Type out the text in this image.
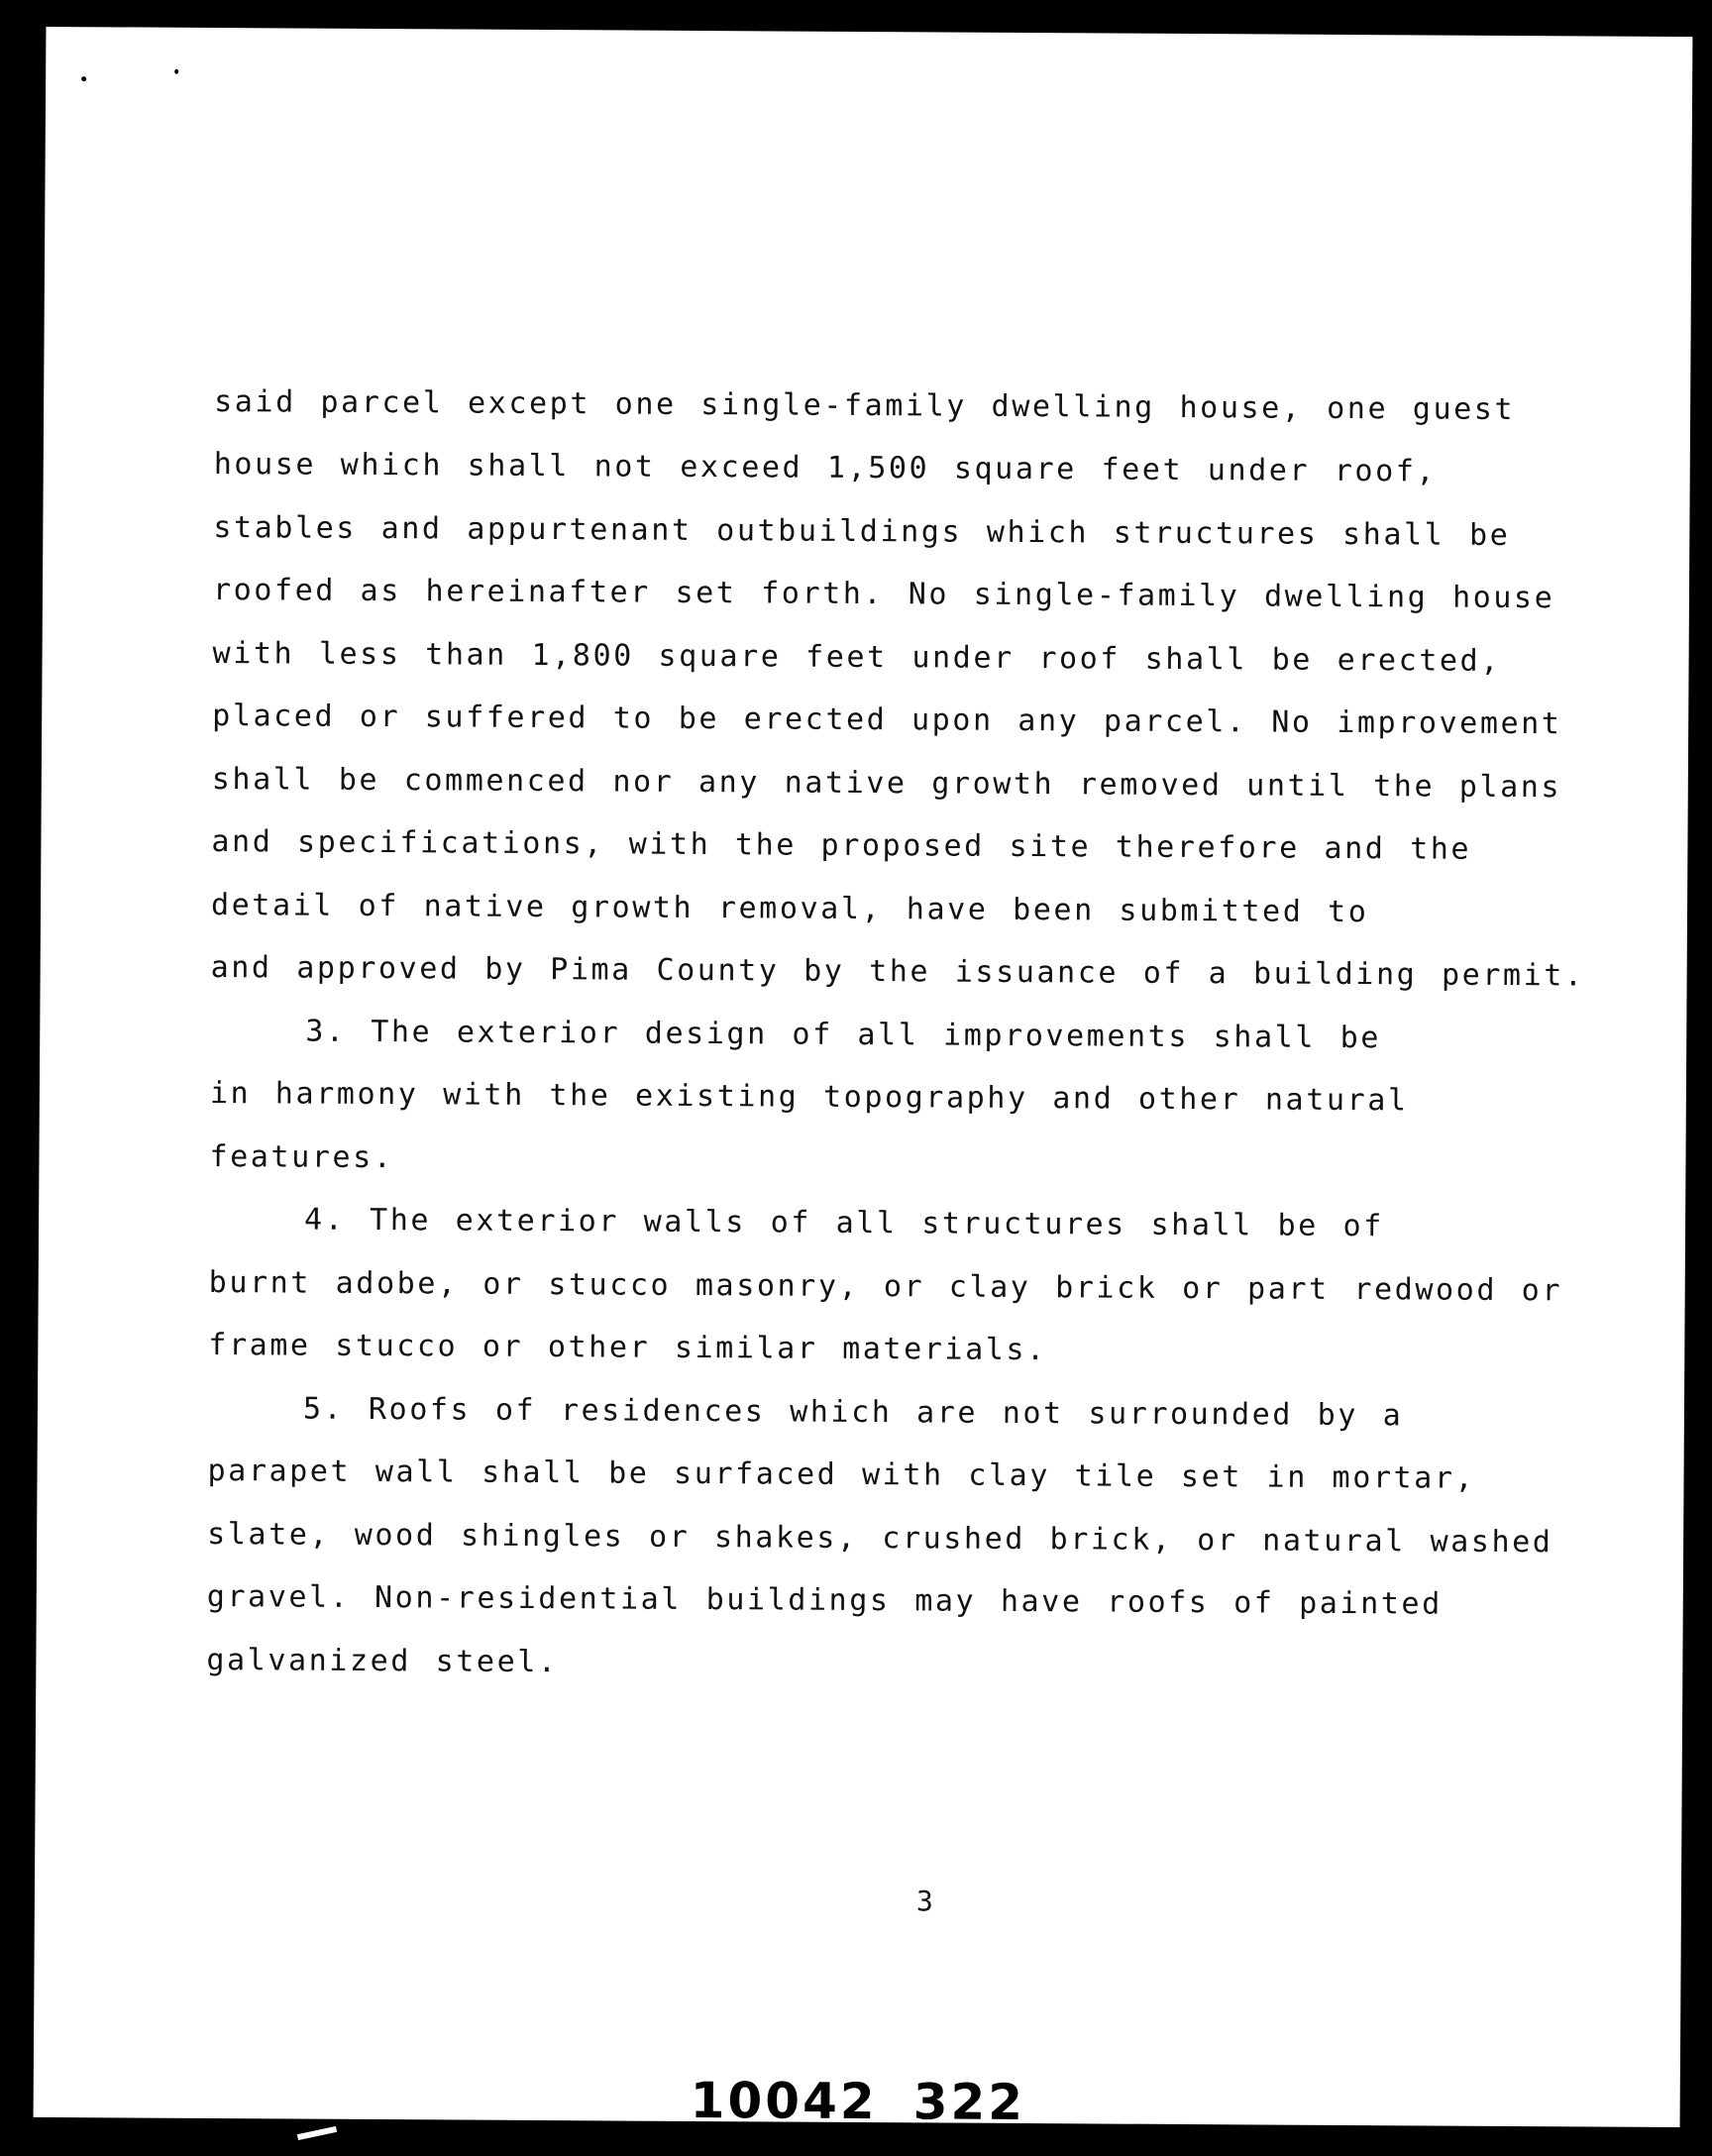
said parcel except one single-family dwelling house, one guest
house which shall not exceed 1,500 square feet under roof,
stables and appurtenant outbuildings which structures shall be
roofed as hereinafter set forth. No single-family dwelling house
with less than 1,800 square feet under roof shall be erected,
placed or suffered to be erected upon any parcel. No improvement
shall be commenced nor any native growth removed until the plans
and specifications, with the proposed site therefore and the
detail of native growth removal, have been submitted to
and approved by Pima County by the issuance of a building permit.
3. The exterior design of all improvements shall be
in harmony with the existing topography and other natural
features.
4. The exterior walls of all structures shall be of
burnt adobe, or stucco masonry, or clay brick or part redwood or
frame stucco or other similar materials.
5. Roofs of residences which are not surrounded by a
parapet wall shall be surfaced with clay tile set in mortar,
slate, wood shingles or shakes, crushed brick, or natural washed
gravel. Non-residential buildings may have roofs of painted
galvanized steel.
3
10042 322
